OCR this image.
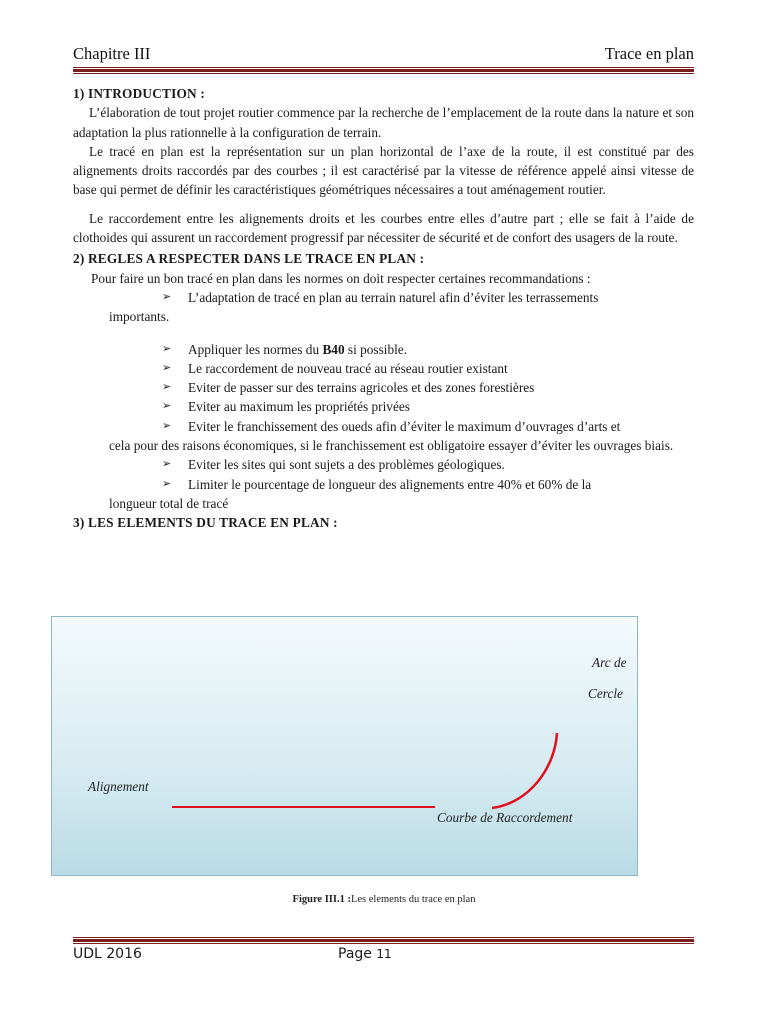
Chapitre III	Trace en plan
1) INTRODUCTION :

L’élaboration de tout projet routier commence par la recherche de l’emplacement de la route dans la nature et son adaptation la plus rationnelle à la configuration de terrain.

Le tracé en plan est la représentation sur un plan horizontal de l’axe de la route, il est constitué par des alignements droits raccordés par des courbes ; il est caractérisé par la vitesse de référence appelé ainsi vitesse de base qui permet de définir les caractéristiques géométriques nécessaires a tout aménagement routier.

Le raccordement entre les alignements droits et les courbes entre elles d’autre part ; elle se fait à l’aide de clothoides qui assurent un raccordement progressif par nécessiter de sécurité et de confort des usagers de la route.

2) REGLES A RESPECTER DANS LE TRACE EN PLAN :

Pour faire un bon tracé en plan dans les normes on doit respecter certaines recommandations :

➢ L’adaptation de tracé en plan au terrain naturel afin d’éviter les terrassements

importants.

➢ Appliquer les normes du B40 si possible.
➢ Le raccordement de nouveau tracé au réseau routier existant
➢ Eviter de passer sur des terrains agricoles et des zones forestières
➢ Eviter au maximum les propriétés privées
➢ Eviter le franchissement des oueds afin d’éviter le maximum d’ouvrages d’arts et

cela pour des raisons économiques, si le franchissement est obligatoire essayer d’éviter les ouvrages biais.

➢ Eviter les sites qui sont sujets a des problèmes géologiques.
➢ Limiter le pourcentage de longueur des alignements entre 40% et 60% de la

longueur total de tracé

3) LES ELEMENTS DU TRACE EN PLAN :
Arc de
Cercle
Alignement
Courbe de Raccordement
Figure III.1 :Les elements du trace en plan
UDL 2016	Page 11
